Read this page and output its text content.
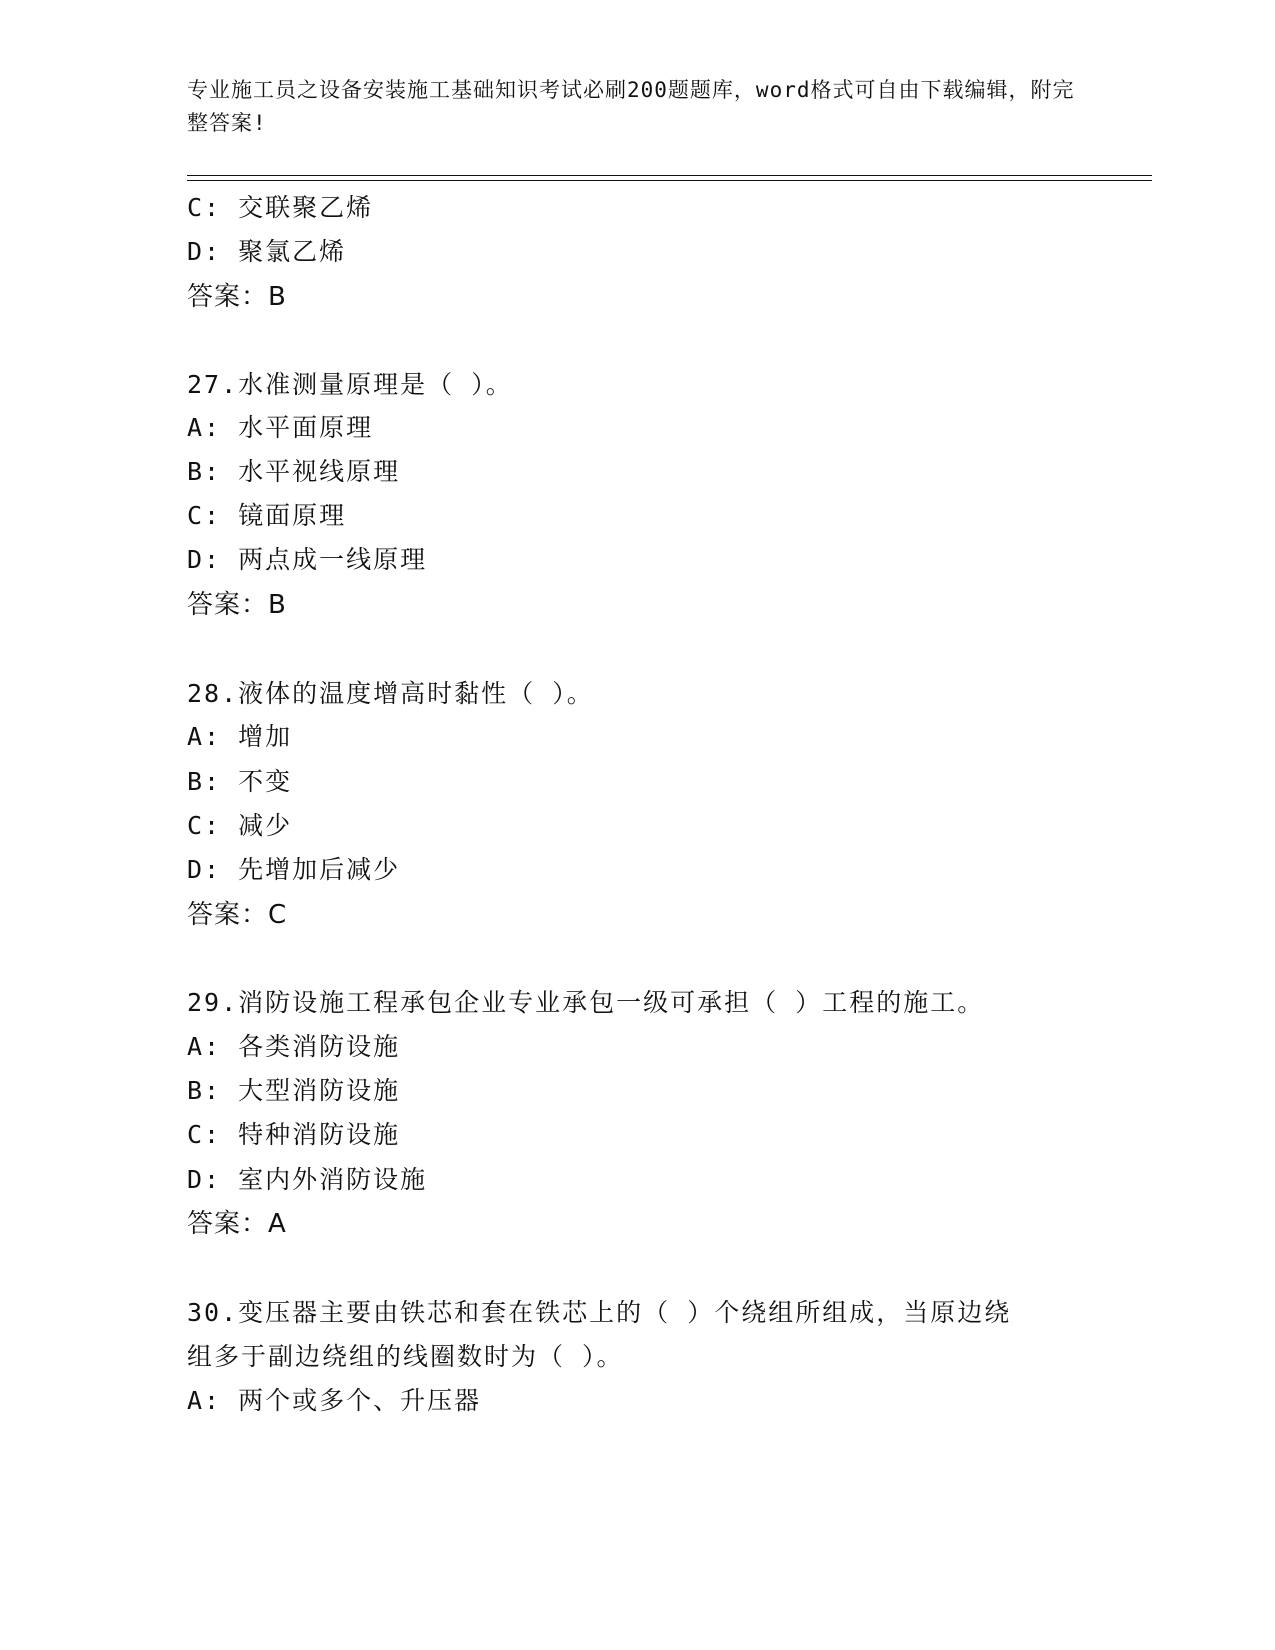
专业施工员之设备安装施工基础知识考试必刷200题题库，word格式可自由下载编辑，附完整答案!
C: 交联聚乙烯
D: 聚氯乙烯
答案：B
27.水准测量原理是（ ）。
A: 水平面原理
B: 水平视线原理
C: 镜面原理
D: 两点成一线原理
答案：B
28.液体的温度增高时黏性（ ）。
A: 增加
B: 不变
C: 减少
D: 先增加后减少
答案：C
29.消防设施工程承包企业专业承包一级可承担（ ）工程的施工。
A: 各类消防设施
B: 大型消防设施
C: 特种消防设施
D: 室内外消防设施
答案：A
30.变压器主要由铁芯和套在铁芯上的（ ）个绕组所组成，当原边绕
组多于副边绕组的线圈数时为（ ）。
A: 两个或多个、升压器
